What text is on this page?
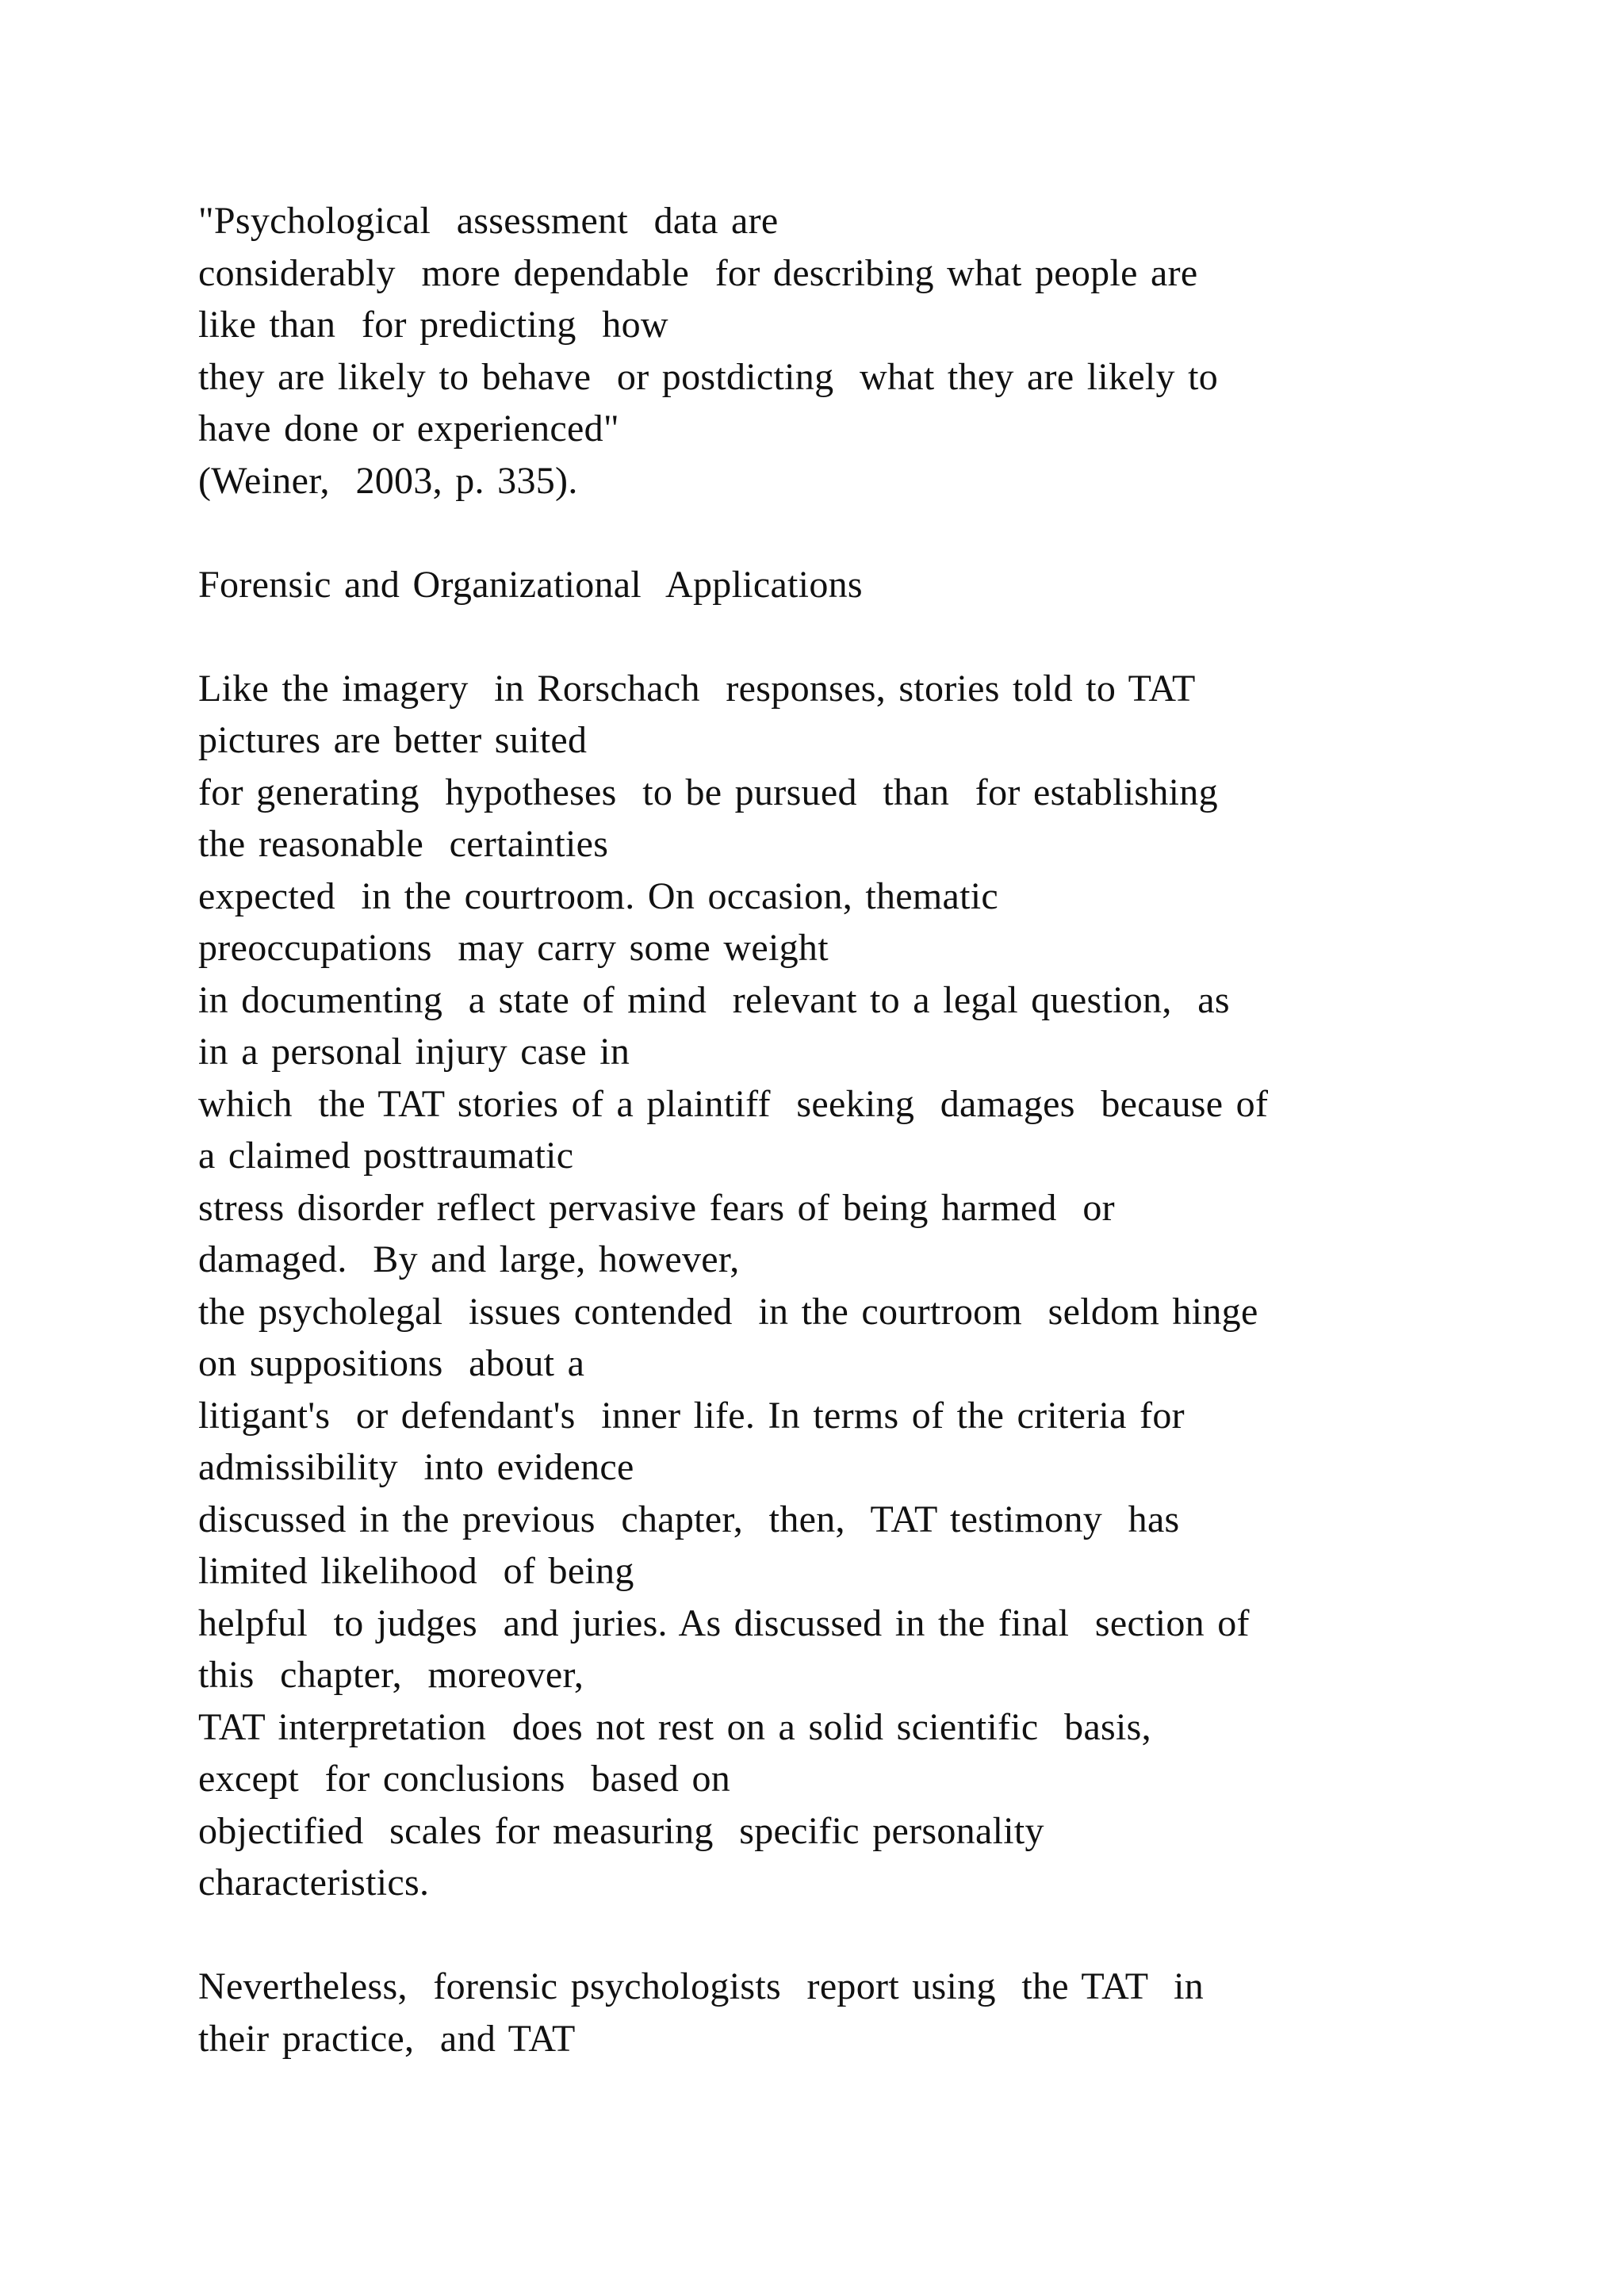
"Psychological  assessment  data are
considerably  more dependable  for describing what people are
like than  for predicting  how
they are likely to behave  or postdicting  what they are likely to
have done or experienced"
(Weiner,  2003, p. 335).
Forensic and Organizational  Applications
Like the imagery  in Rorschach  responses, stories told to TAT
pictures are better suited
for generating  hypotheses  to be pursued  than  for establishing
the reasonable  certainties
expected  in the courtroom. On occasion, thematic
preoccupations  may carry some weight
in documenting  a state of mind  relevant to a legal question,  as
in a personal injury case in
which  the TAT stories of a plaintiff  seeking  damages  because of
a claimed posttraumatic
stress disorder reflect pervasive fears of being harmed  or
damaged.  By and large, however,
the psycholegal  issues contended  in the courtroom  seldom hinge
on suppositions  about a
litigant's  or defendant's  inner life. In terms of the criteria for
admissibility  into evidence
discussed in the previous  chapter,  then,  TAT testimony  has
limited likelihood  of being
helpful  to judges  and juries. As discussed in the final  section of
this  chapter,  moreover,
TAT interpretation  does not rest on a solid scientific  basis,
except  for conclusions  based on
objectified  scales for measuring  specific personality
characteristics.
Nevertheless,  forensic psychologists  report using  the TAT  in
their practice,  and TAT
